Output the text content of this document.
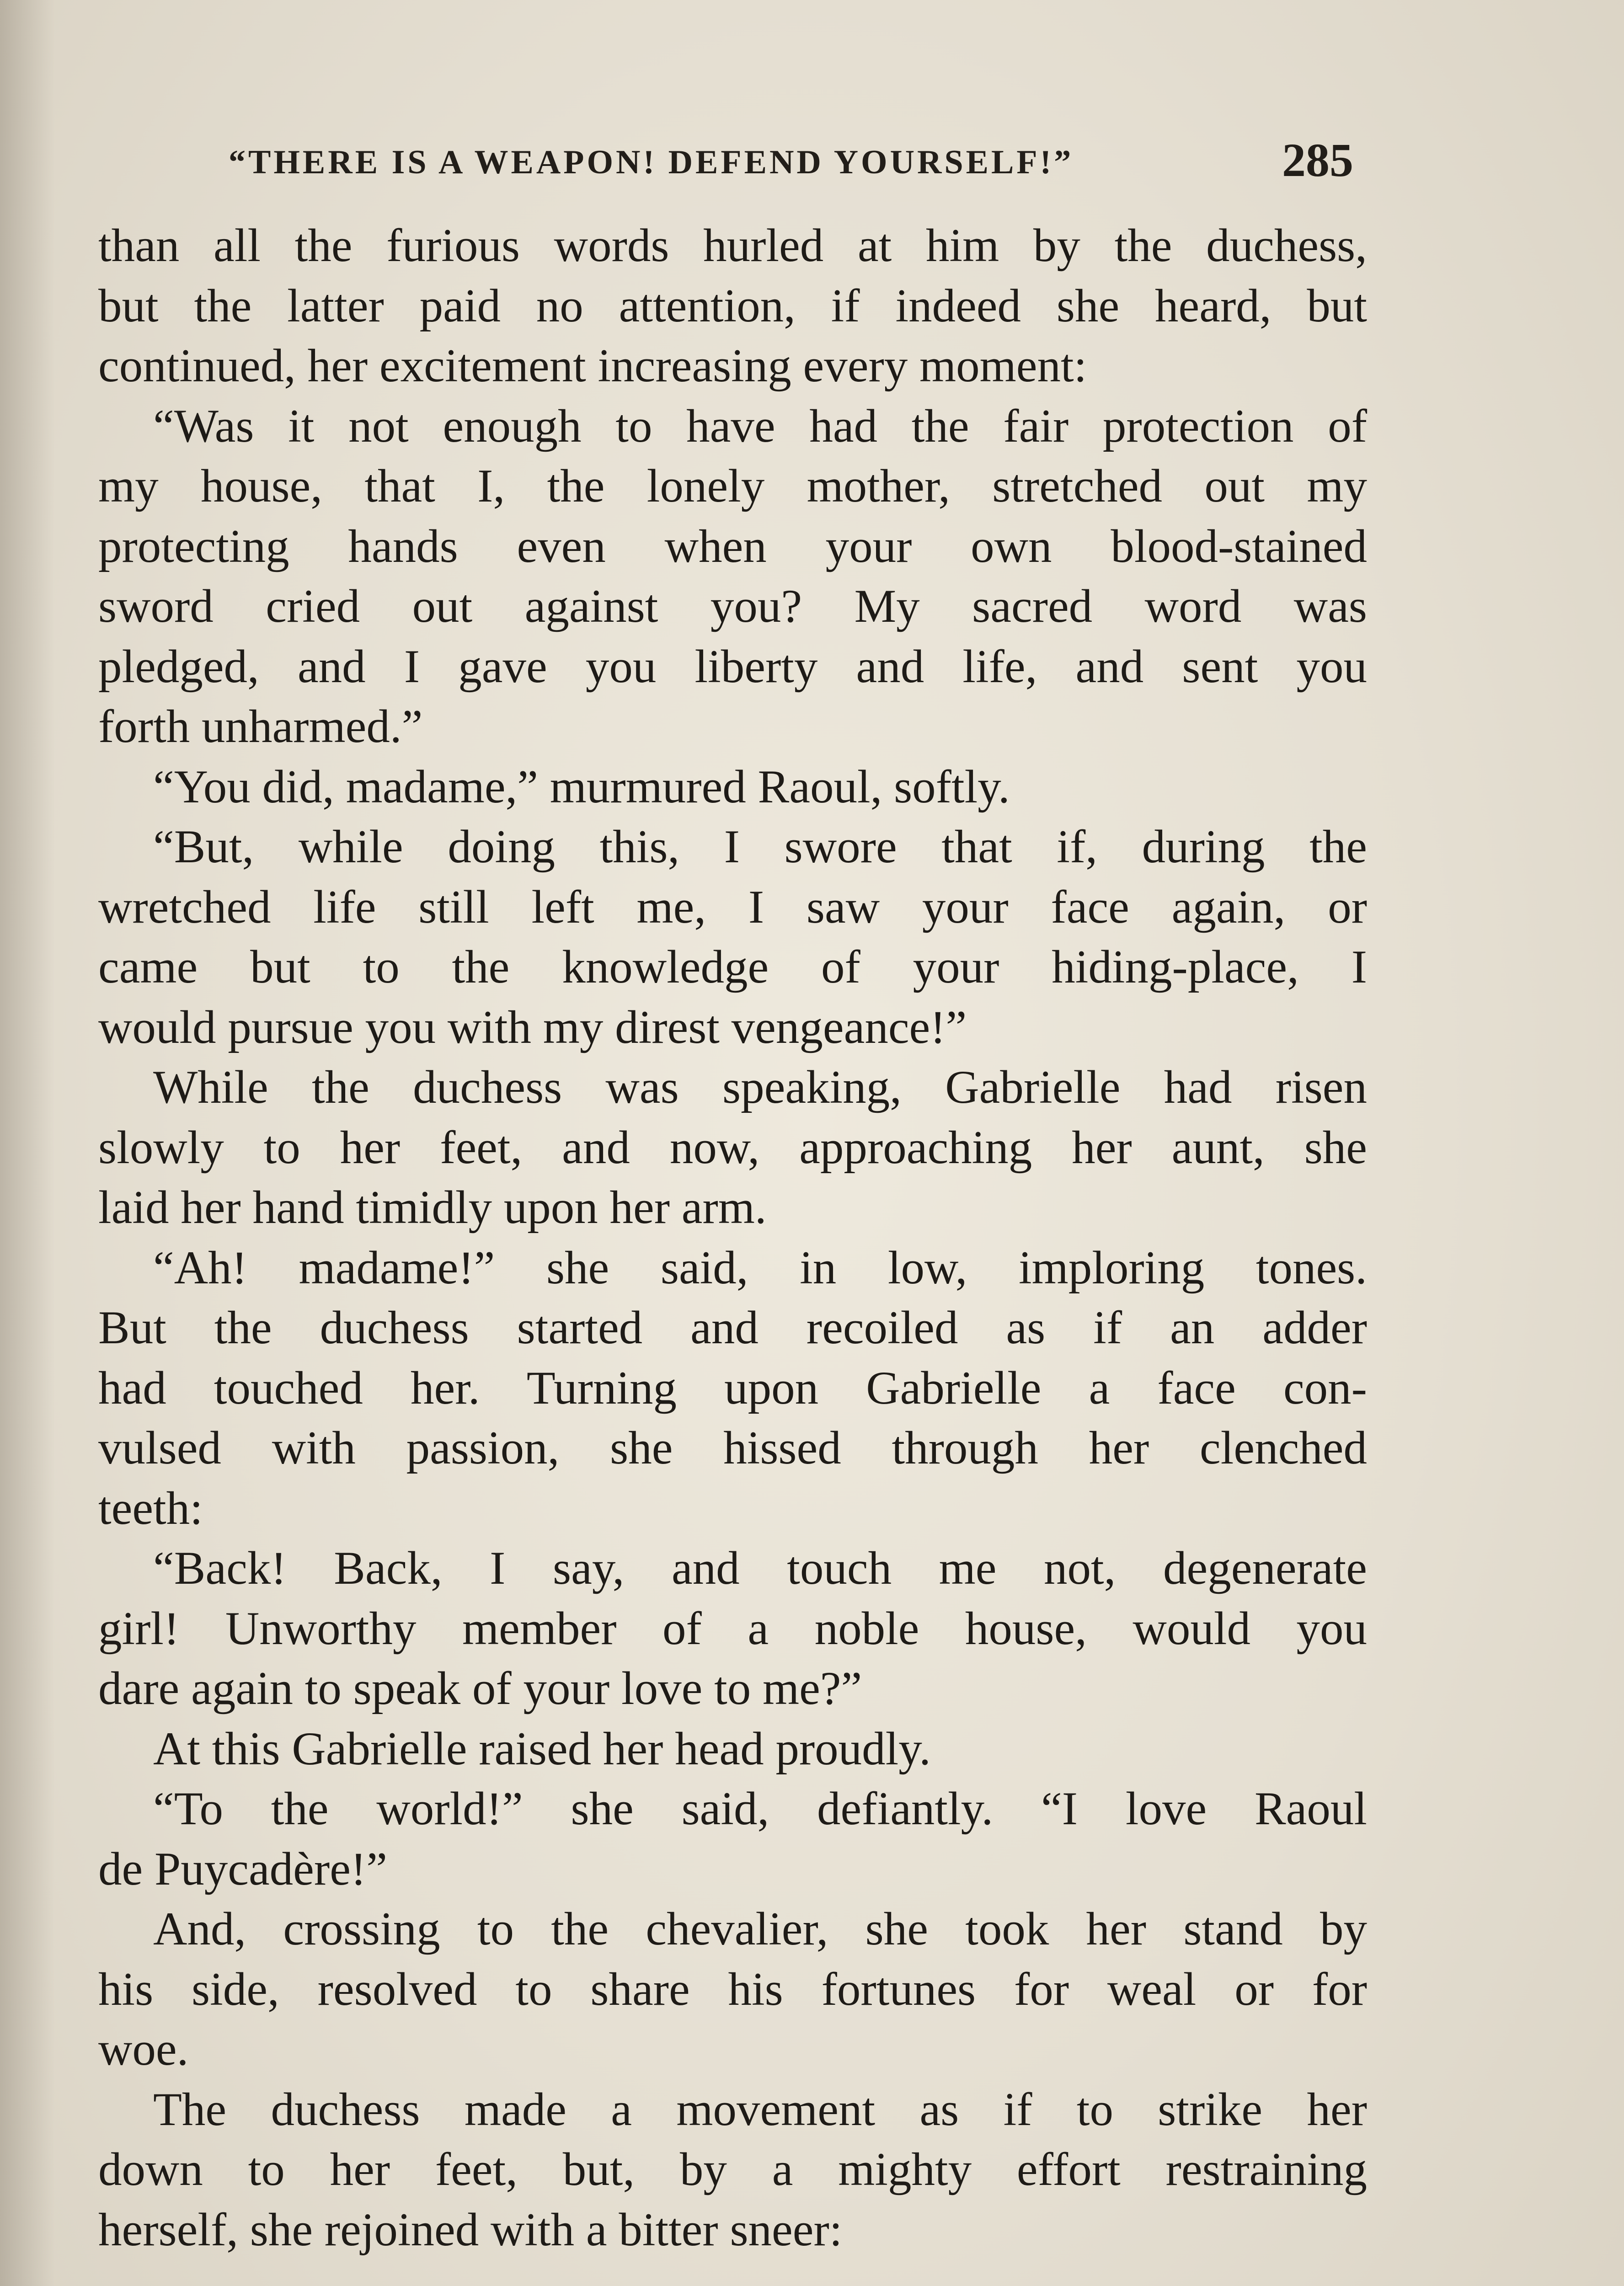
“THERE IS A WEAPON! DEFEND YOURSELF!”	285
than all the furious words hurled at him by the duchess,
but the latter paid no attention, if indeed she heard, but
continued, her excitement increasing every moment:
“Was it not enough to have had the fair protection of
my house, that I, the lonely mother, stretched out my
protecting hands even when your own blood-stained
sword cried out against you? My sacred word was
pledged, and I gave you liberty and life, and sent you
forth unharmed.”
“You did, madame,” murmured Raoul, softly.
“But, while doing this, I swore that if, during the
wretched life still left me, I saw your face again, or
came but to the knowledge of your hiding-place, I
would pursue you with my direst vengeance!”
While the duchess was speaking, Gabrielle had risen
slowly to her feet, and now, approaching her aunt, she
laid her hand timidly upon her arm.
“Ah! madame!” she said, in low, imploring tones.
But the duchess started and recoiled as if an adder
had touched her. Turning upon Gabrielle a face con-
vulsed with passion, she hissed through her clenched
teeth:
“Back! Back, I say, and touch me not, degenerate
girl! Unworthy member of a noble house, would you
dare again to speak of your love to me?”
At this Gabrielle raised her head proudly.
“To the world!” she said, defiantly. “I love Raoul
de Puycadère!”
And, crossing to the chevalier, she took her stand by
his side, resolved to share his fortunes for weal or for
woe.
The duchess made a movement as if to strike her
down to her feet, but, by a mighty effort restraining
herself, she rejoined with a bitter sneer:
